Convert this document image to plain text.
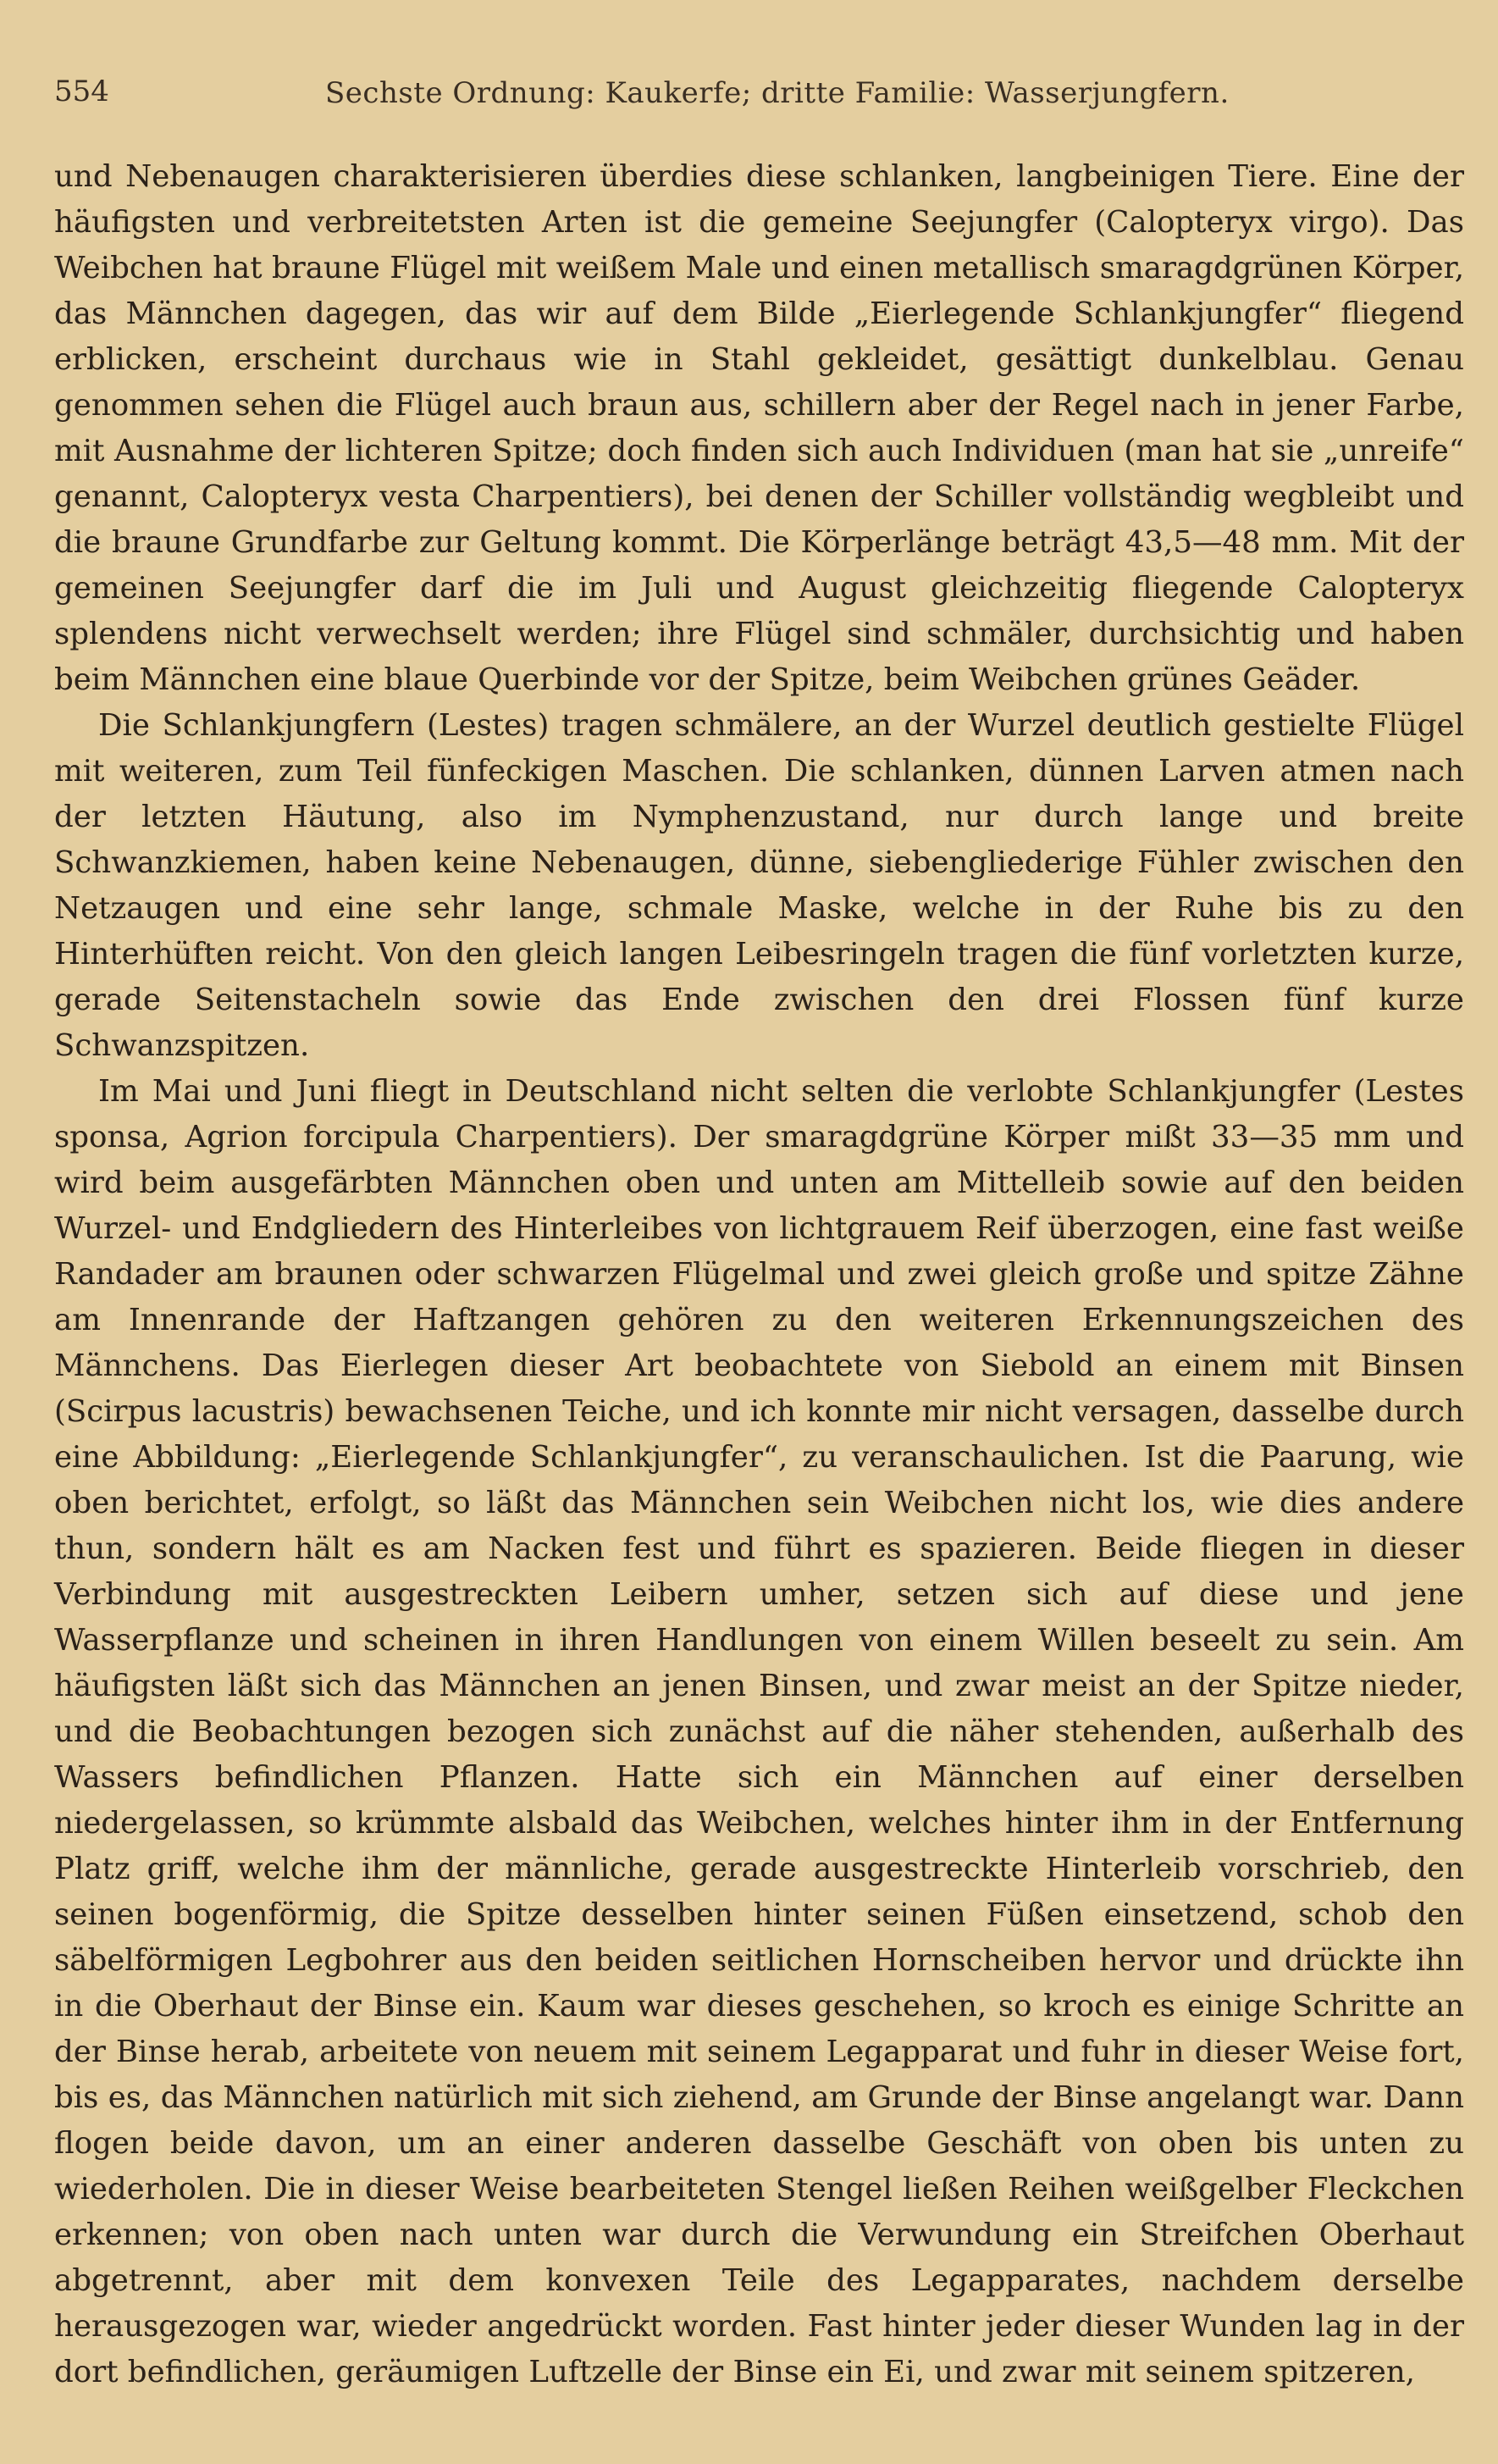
554	Sechste Ordnung: Kaukerfe; dritte Familie: Wasserjungfern.

und Nebenaugen charakterisieren überdies diese schlanken, langbeinigen Tiere. Eine der häufigsten und verbreitetsten Arten ist die gemeine Seejungfer (Calopteryx virgo). Das Weibchen hat braune Flügel mit weißem Male und einen metallisch smaragdgrünen Körper, das Männchen dagegen, das wir auf dem Bilde „Eierlegende Schlankjungfer“ fliegend erblicken, erscheint durchaus wie in Stahl gekleidet, gesättigt dunkelblau. Genau genommen sehen die Flügel auch braun aus, schillern aber der Regel nach in jener Farbe, mit Ausnahme der lichteren Spitze; doch finden sich auch Individuen (man hat sie „unreife“ genannt, Calopteryx vesta Charpentiers), bei denen der Schiller vollständig wegbleibt und die braune Grundfarbe zur Geltung kommt. Die Körperlänge beträgt 43,5—48 mm. Mit der gemeinen Seejungfer darf die im Juli und August gleichzeitig fliegende Calopteryx splendens nicht verwechselt werden; ihre Flügel sind schmäler, durchsichtig und haben beim Männchen eine blaue Querbinde vor der Spitze, beim Weibchen grünes Geäder.

Die Schlankjungfern (Lestes) tragen schmälere, an der Wurzel deutlich gestielte Flügel mit weiteren, zum Teil fünfeckigen Maschen. Die schlanken, dünnen Larven atmen nach der letzten Häutung, also im Nymphenzustand, nur durch lange und breite Schwanzkiemen, haben keine Nebenaugen, dünne, siebengliederige Fühler zwischen den Netzaugen und eine sehr lange, schmale Maske, welche in der Ruhe bis zu den Hinterhüften reicht. Von den gleich langen Leibesringeln tragen die fünf vorletzten kurze, gerade Seitenstacheln sowie das Ende zwischen den drei Flossen fünf kurze Schwanzspitzen.

Im Mai und Juni fliegt in Deutschland nicht selten die verlobte Schlankjungfer (Lestes sponsa, Agrion forcipula Charpentiers). Der smaragdgrüne Körper mißt 33—35 mm und wird beim ausgefärbten Männchen oben und unten am Mittelleib sowie auf den beiden Wurzel- und Endgliedern des Hinterleibes von lichtgrauem Reif überzogen, eine fast weiße Randader am braunen oder schwarzen Flügelmal und zwei gleich große und spitze Zähne am Innenrande der Haftzangen gehören zu den weiteren Erkennungszeichen des Männchens. Das Eierlegen dieser Art beobachtete von Siebold an einem mit Binsen (Scirpus lacustris) bewachsenen Teiche, und ich konnte mir nicht versagen, dasselbe durch eine Abbildung: „Eierlegende Schlankjungfer“, zu veranschaulichen. Ist die Paarung, wie oben berichtet, erfolgt, so läßt das Männchen sein Weibchen nicht los, wie dies andere thun, sondern hält es am Nacken fest und führt es spazieren. Beide fliegen in dieser Verbindung mit ausgestreckten Leibern umher, setzen sich auf diese und jene Wasserpflanze und scheinen in ihren Handlungen von einem Willen beseelt zu sein. Am häufigsten läßt sich das Männchen an jenen Binsen, und zwar meist an der Spitze nieder, und die Beobachtungen bezogen sich zunächst auf die näher stehenden, außerhalb des Wassers befindlichen Pflanzen. Hatte sich ein Männchen auf einer derselben niedergelassen, so krümmte alsbald das Weibchen, welches hinter ihm in der Entfernung Platz griff, welche ihm der männliche, gerade ausgestreckte Hinterleib vorschrieb, den seinen bogenförmig, die Spitze desselben hinter seinen Füßen einsetzend, schob den säbelförmigen Legbohrer aus den beiden seitlichen Hornscheiben hervor und drückte ihn in die Oberhaut der Binse ein. Kaum war dieses geschehen, so kroch es einige Schritte an der Binse herab, arbeitete von neuem mit seinem Legapparat und fuhr in dieser Weise fort, bis es, das Männchen natürlich mit sich ziehend, am Grunde der Binse angelangt war. Dann flogen beide davon, um an einer anderen dasselbe Geschäft von oben bis unten zu wiederholen. Die in dieser Weise bearbeiteten Stengel ließen Reihen weißgelber Fleckchen erkennen; von oben nach unten war durch die Verwundung ein Streifchen Oberhaut abgetrennt, aber mit dem konvexen Teile des Legapparates, nachdem derselbe herausgezogen war, wieder angedrückt worden. Fast hinter jeder dieser Wunden lag in der dort befindlichen, geräumigen Luftzelle der Binse ein Ei, und zwar mit seinem spitzeren,
